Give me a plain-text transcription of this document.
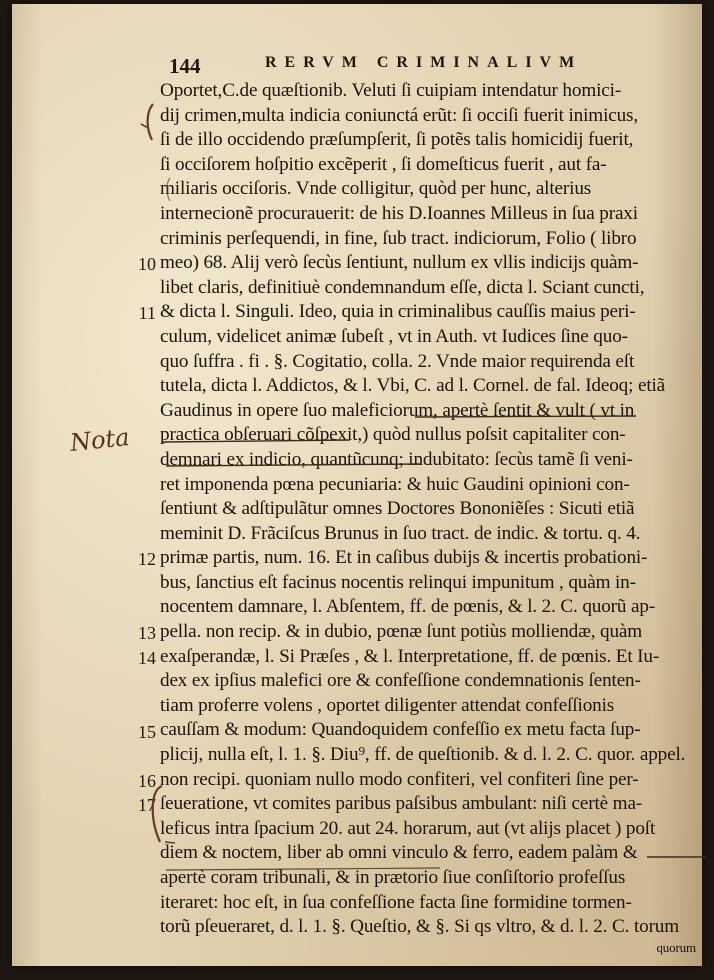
144	RERVM CRIMINALIVM
10
11
12
13
14
15
16
17
Oportet,C.de quæſtionib. Veluti ſi cuipiam intendatur homici-
dij crimen,multa indicia coniunctá erũt: ſi occiſi fuerit inimicus,
ſi de illo occidendo præſumpſerit, ſi potẽs talis homicidij fuerit,
ſi occiſorem hoſpitio excẽperit , ſi domeſticus fuerit , aut fa-
miliaris occiſoris. Vnde colligitur, quòd per hunc, alterius
internecionẽ procurauerit: de his D.Ioannes Milleus in ſua praxi
criminis perſequendi, in fine, ſub tract. indiciorum, Folio ( libro
meo) 68. Alij verò ſecùs ſentiunt, nullum ex vllis indicijs quàm-
libet claris, definitiuè condemnandum eſſe, dicta l. Sciant cuncti,
& dicta l. Singuli. Ideo, quia in criminalibus cauſſis maius peri-
culum, videlicet animæ ſubeſt , vt in Auth. vt Iudices ſine quo-
quo ſuffra . fi . §. Cogitatio, colla. 2. Vnde maior requirenda eſt
tutela, dicta l. Addictos, & l. Vbi, C. ad l. Cornel. de fal. Ideoq; etiã
Gaudinus in opere ſuo maleficiorum, apertè ſentit & vult ( vt in
practica obſeruari cõſpexit,) quòd nullus poſsit capitaliter con-
demnari ex indicio, quantũcunq; indubitato: ſecùs tamẽ ſi veni-
ret imponenda pœna pecuniaria: & huic Gaudini opinioni con-
ſentiunt & adſtipulãtur omnes Doctores Bononiẽſes : Sicuti etiã
meminit D. Frãciſcus Brunus in ſuo tract. de indic. & tortu. q. 4.
primæ partis, num. 16. Et in caſibus dubijs & incertis probationi-
bus, ſanctius eſt facinus nocentis relinqui impunitum , quàm in-
nocentem damnare, l. Abſentem, ff. de pœnis, & l. 2. C. quorũ ap-
pella. non recip. & in dubio, pœnæ ſunt potiùs molliendæ, quàm
exaſperandæ, l. Si Præſes , & l. Interpretatione, ff. de pœnis. Et Iu-
dex ex ipſius malefici ore & confeſſione condemnationis ſenten-
tiam proferre volens , oportet diligenter attendat confeſſionis
cauſſam & modum: Quandoquidem confeſſio ex metu facta ſup-
plicij, nulla eſt, l. 1. §. Diu⁹, ff. de queſtionib. & d. l. 2. C. quor. appel.
non recipi. quoniam nullo modo confiteri, vel confiteri ſine per-
ſeueratione, vt comites paribus paſsibus ambulant: niſi certè ma-
leficus intra ſpacium 20. aut 24. horarum, aut (vt alijs placet ) poſt
diem & noctem, liber ab omni vinculo & ferro, eadem palàm &
apertè coram tribunali, & in prætorio ſiue conſiſtorio profeſſus
iteraret: hoc eſt, in ſua confeſſione facta ſine formidine tormen-
torũ pſeueraret, d. l. 1. §. Queſtio, & §. Si qs vltro, & d. l. 2. C. torum
quorum
Nota
